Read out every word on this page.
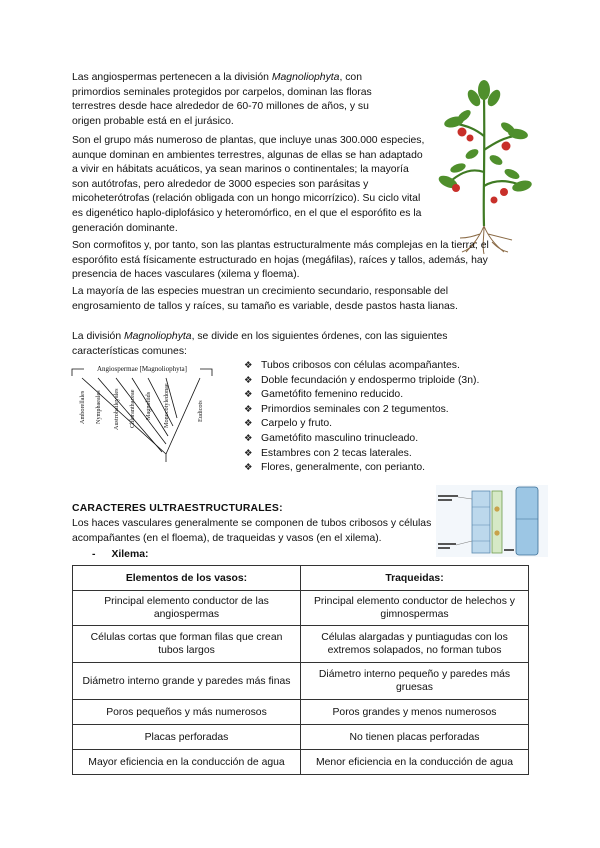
Las angiospermas pertenecen a la división Magnoliophyta, con primordios seminales protegidos por carpelos, dominan las floras terrestres desde hace alrededor de 60-70 millones de años, y su origen probable está en el jurásico.

Son el grupo más numeroso de plantas, que incluye unas 300.000 especies, aunque dominan en ambientes terrestres, algunas de ellas se han adaptado a vivir en hábitats acuáticos, ya sean marinos o continentales; la mayoría son autótrofas, pero alrededor de 3000 especies son parásitas y micoheterótrofas (relación obligada con un hongo micorrízico). Su ciclo vital es digenético haplo-diplofásico y heteromórfico, en el que el esporófito es la generación dominante.

Son cormofitos y, por tanto, son las plantas estructuralmente más complejas en la tierra; el esporófito está físicamente estructurado en hojas (megáfilas), raíces y tallos, además, hay presencia de haces vasculares (xilema y floema).

La mayoría de las especies muestran un crecimiento secundario, responsable del engrosamiento de tallos y raíces, su tamaño es variable, desde pastos hasta lianas.

La división Magnoliophyta, se divide en los siguientes órdenes, con las siguientes características comunes:

Angiospermae [Magnoliophyta]
Amborellales Nymphaeales Austrobaileyales Chloranthaceae Magnoliids Monocotyledonae	Eudicots
❖ Tubos cribosos con células acompañantes.
❖ Doble fecundación y endospermo triploide (3n).
❖ Gametófito femenino reducido.
❖ Primordios seminales con 2 tegumentos.
❖ Carpelo y fruto.
❖ Gametófito masculino trinucleado.
❖ Estambres con 2 tecas laterales.
❖ Flores, generalmente, con periantо.

CARACTERES ULTRAESTRUCTURALES:

Los haces vasculares generalmente se componen de tubos cribosos y células acompañantes (en el floema), de traqueidas y vasos (en el xilema).

- Xilema:
Elementos de los vasos:	Traqueidas:
Principal elemento conductor de las angiospermas	Principal elemento conductor de helechos y gimnospermas
Células cortas que forman filas que crean tubos largos	Células alargadas y puntiagudas con los extremos solapados, no forman tubos
Diámetro interno grande y paredes más finas	Diámetro interno pequeño y paredes más gruesas
Poros pequeños y más numerosos	Poros grandes y menos numerosos
Placas perforadas	No tienen placas perforadas
Mayor eficiencia en la conducción de agua	Menor eficiencia en la conducción de agua
